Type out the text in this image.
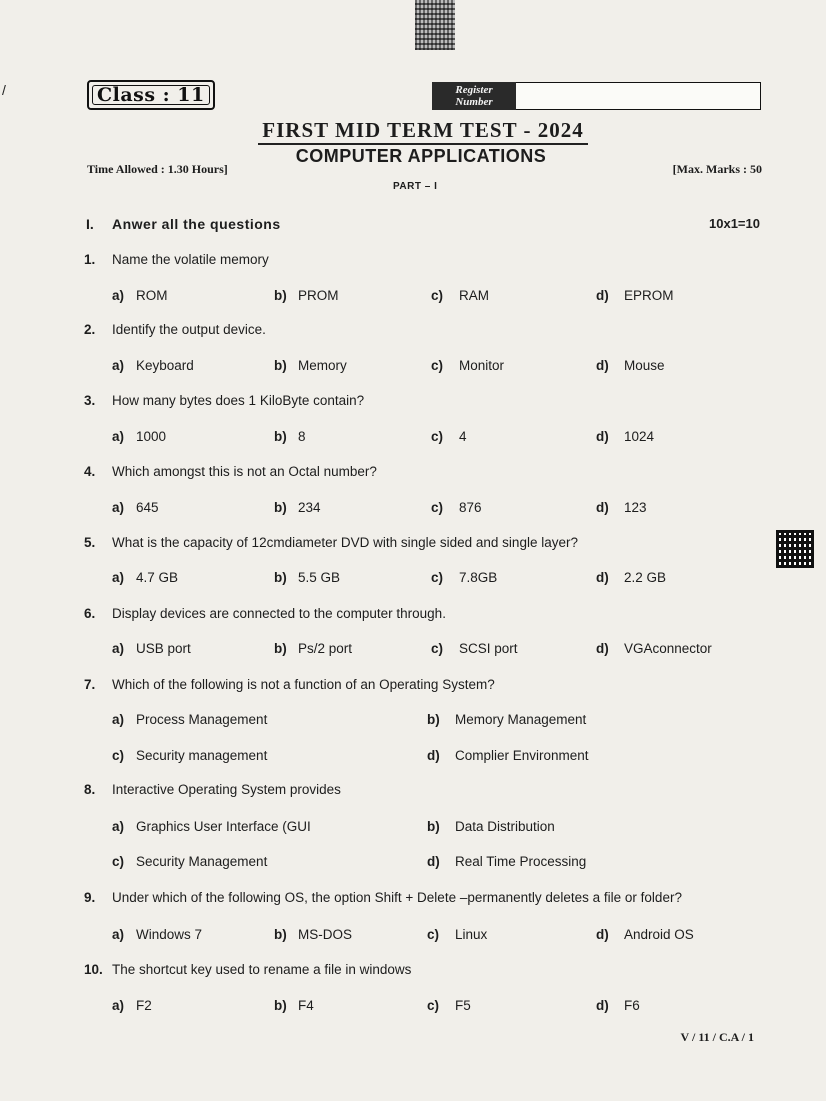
/	Class : 11	Register
Number
FIRST MID TERM TEST - 2024
COMPUTER APPLICATIONS
Time Allowed : 1.30 Hours]	[Max. Marks : 50
PART – I
I. Anwer all the questions	10x1=10
1. Name the volatile memory
a) ROM	b) PROM	c) RAM	d) EPROM
2. Identify the output device.
a) Keyboard	b) Memory	c) Monitor	d) Mouse
3. How many bytes does 1 KiloByte contain?
a) 1000	b) 8	c) 4	d) 1024
4. Which amongst this is not an Octal number?
a) 645	b) 234	c) 876	d) 123
5. What is the capacity of 12cmdiameter DVD with single sided and single layer?
a) 4.7 GB	b) 5.5 GB	c) 7.8GB	d) 2.2 GB
6. Display devices are connected to the computer through.
a) USB port	b) Ps/2 port	c) SCSI port	d) VGAconnector
7. Which of the following is not a function of an Operating System?
a) Process Management	b) Memory Management
c) Security management	d) Complier Environment
8. Interactive Operating System provides
a) Graphics User Interface (GUI	b) Data Distribution
c) Security Management	d) Real Time Processing
9. Under which of the following OS, the option Shift + Delete –permanently deletes a file or folder?
a) Windows 7	b) MS-DOS	c) Linux	d) Android OS
10. The shortcut key used to rename a file in windows
a) F2	b) F4	c) F5	d) F6
V / 11 / C.A / 1
